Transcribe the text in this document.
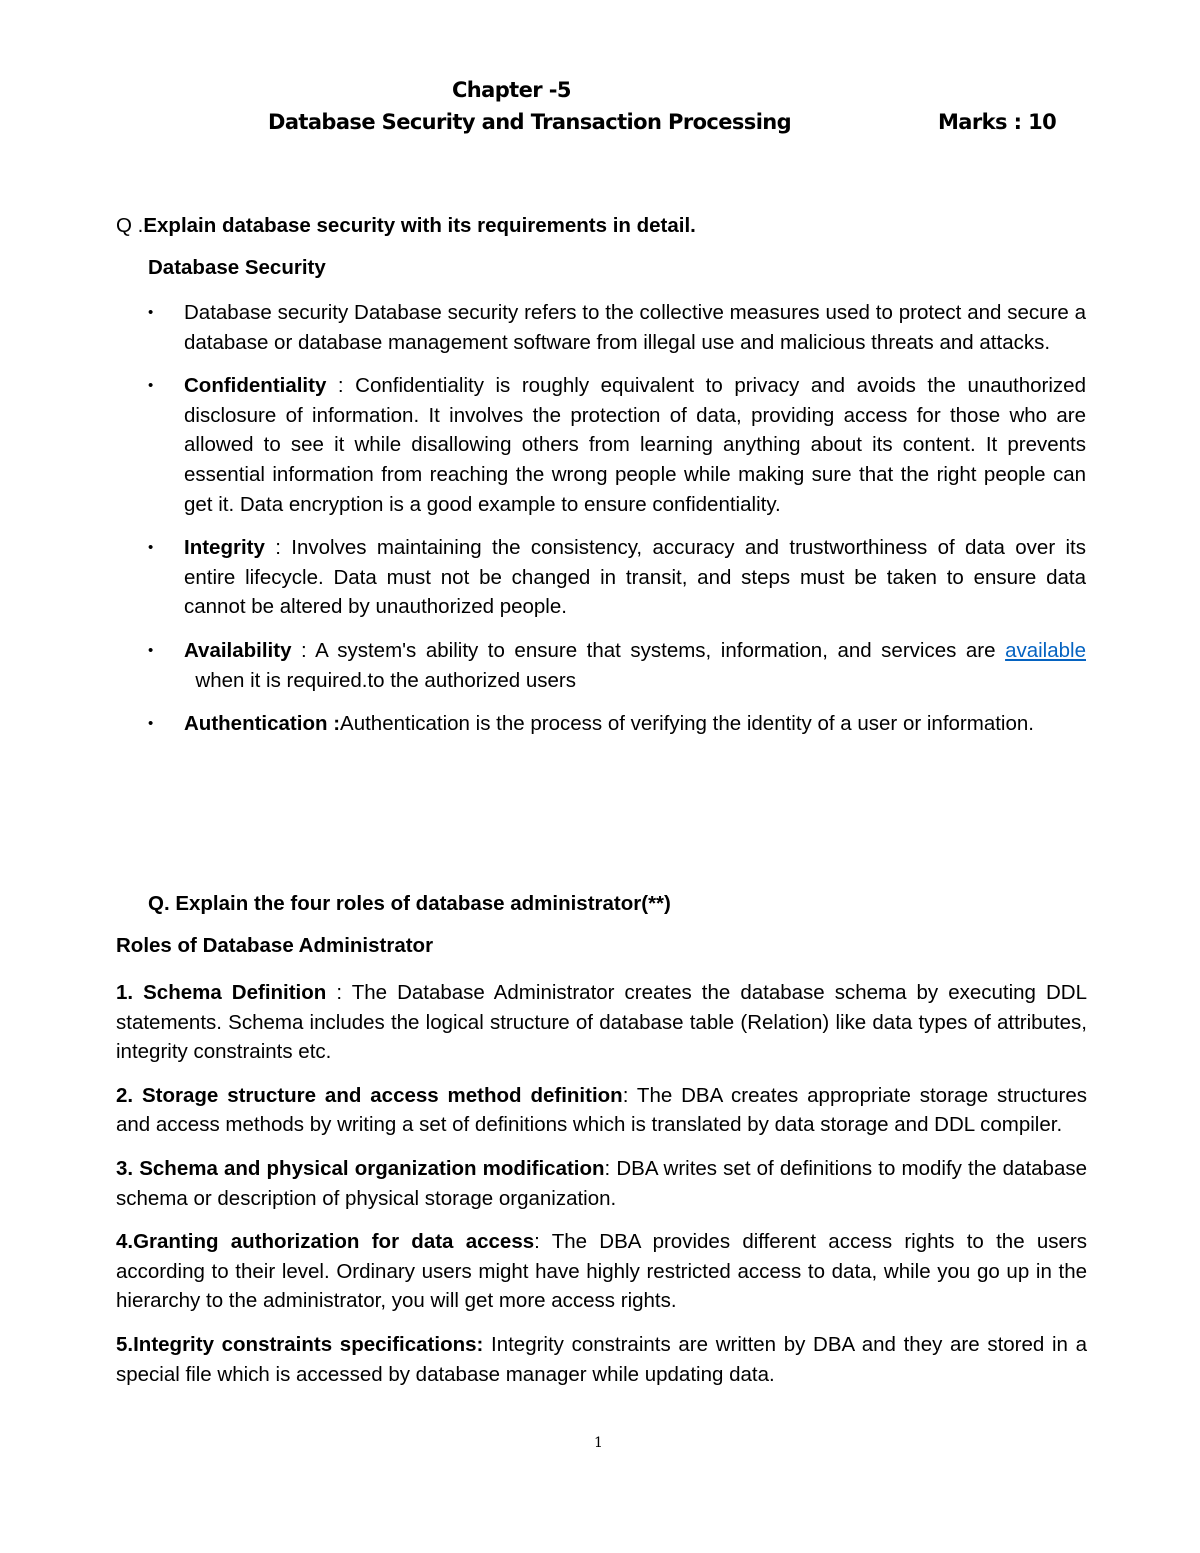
Chapter -5
Database Security and Transaction Processing	Marks : 10
Q .Explain database security with its requirements in detail.
Database Security
• Database security Database security refers to the collective measures used to protect and secure a database or database management software from illegal use and malicious threats and attacks.
• Confidentiality : Confidentiality is roughly equivalent to privacy and avoids the unauthorized disclosure of information. It involves the protection of data, providing access for those who are allowed to see it while disallowing others from learning anything about its content. It prevents essential information from reaching the wrong people while making sure that the right people can get it. Data encryption is a good example to ensure confidentiality.
• Integrity : Involves maintaining the consistency, accuracy and trustworthiness of data over its entire lifecycle. Data must not be changed in transit, and steps must be taken to ensure data cannot be altered by unauthorized people.
• Availability : A system's ability to ensure that systems, information, and services are available  when it is required.to the authorized users
• Authentication :Authentication is the process of verifying the identity of a user or information.
Q. Explain the four roles of database administrator(**)
Roles of Database Administrator

1. Schema Definition : The Database Administrator creates the database schema by executing DDL statements. Schema includes the logical structure of database table (Relation) like data types of attributes, integrity constraints etc.

2. Storage structure and access method definition: The DBA creates appropriate storage structures and access methods by writing a set of definitions which is translated by data storage and DDL compiler.

3. Schema and physical organization modification: DBA writes set of definitions to modify the database schema or description of physical storage organization.

4.Granting authorization for data access: The DBA provides different access rights to the users according to their level. Ordinary users might have highly restricted access to data, while you go up in the hierarchy to the administrator, you will get more access rights.

5.Integrity constraints specifications: Integrity constraints are written by DBA and they are stored in a special file which is accessed by database manager while updating data.

1
